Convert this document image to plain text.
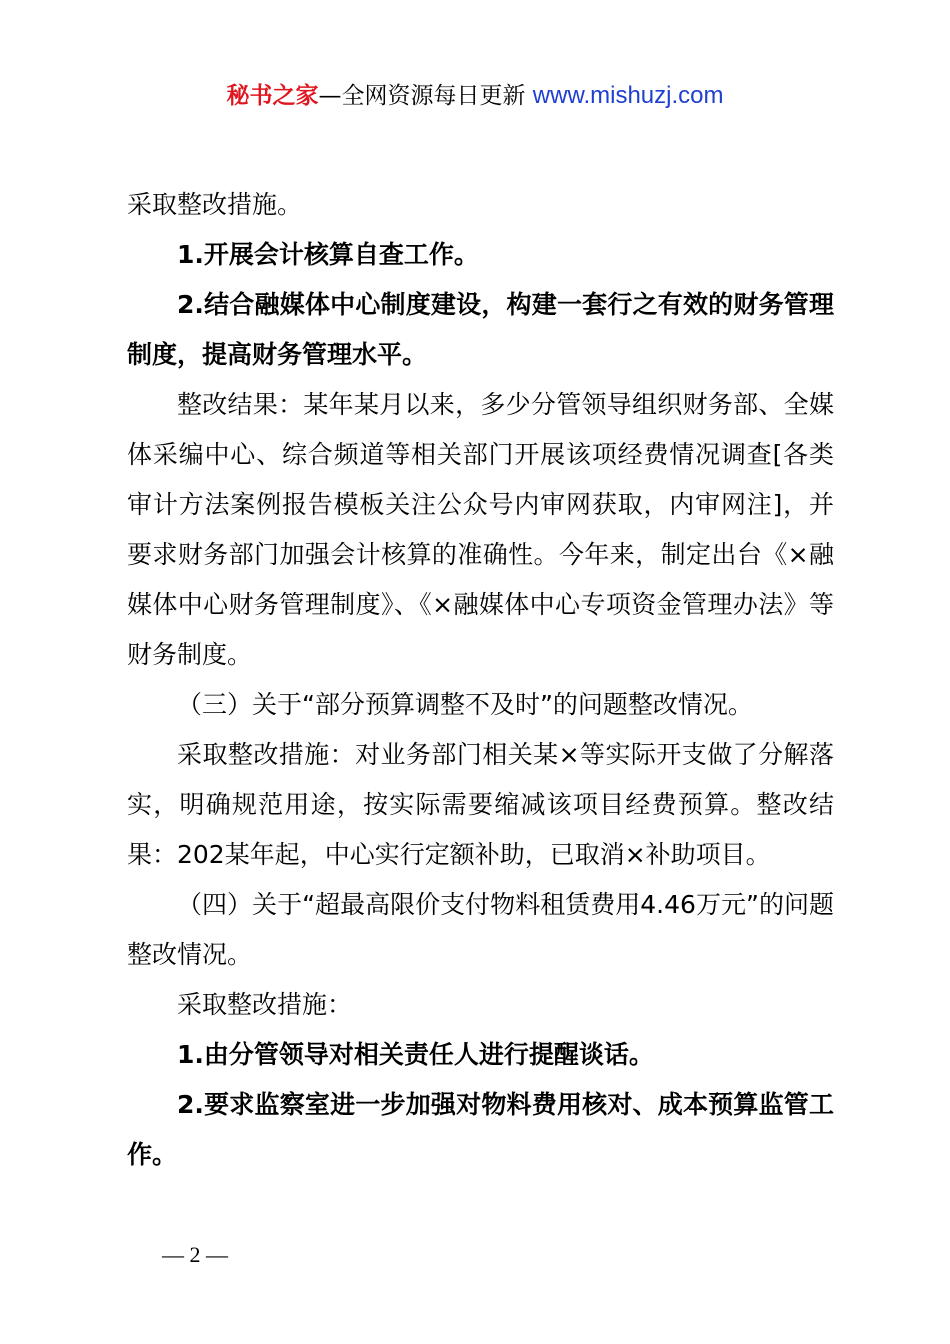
秘书之家—全网资源每日更新 www.mishuzj.com

采取整改措施。

1.开展会计核算自查工作。

2.结合融媒体中心制度建设，构建一套行之有效的财务管理制度，提高财务管理水平。

整改结果：某年某月以来，多少分管领导组织财务部、全媒体采编中心、综合频道等相关部门开展该项经费情况调查[各类审计方法案例报告模板关注公众号内审网获取，内审网注]，并要求财务部门加强会计核算的准确性。今年来，制定出台《×融媒体中心财务管理制度》、《×融媒体中心专项资金管理办法》等财务制度。

（三）关于“部分预算调整不及时”的问题整改情况。

采取整改措施：对业务部门相关某×等实际开支做了分解落实，明确规范用途，按实际需要缩减该项目经费预算。整改结果：202某年起，中心实行定额补助，已取消×补助项目。

（四）关于“超最高限价支付物料租赁费用4.46万元”的问题整改情况。

采取整改措施：

1.由分管领导对相关责任人进行提醒谈话。

2.要求监察室进一步加强对物料费用核对、成本预算监管工作。

— 2 —
